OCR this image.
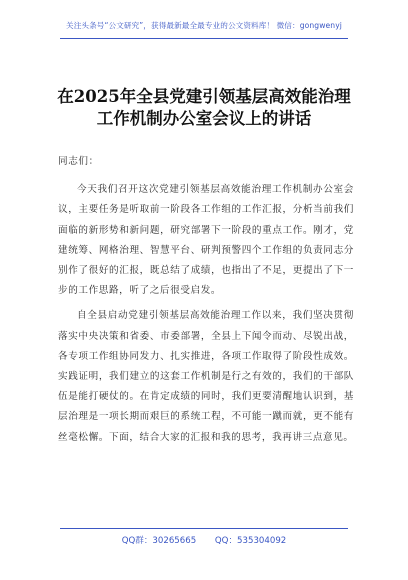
关注头条号“公文研究”，获得最新最全最专业的公文资料库！ 微信：gongwenyj
在2025年全县党建引领基层高效能治理
工作机制办公室会议上的讲话

同志们：

今天我们召开这次党建引领基层高效能治理工作机制办公室会议，主要任务是听取前一阶段各工作组的工作汇报，分析当前我们面临的新形势和新问题，研究部署下一阶段的重点工作。刚才，党建统筹、网格治理、智慧平台、研判预警四个工作组的负责同志分别作了很好的汇报，既总结了成绩，也指出了不足，更提出了下一步的工作思路，听了之后很受启发。

自全县启动党建引领基层高效能治理工作以来，我们坚决贯彻落实中央决策和省委、市委部署，全县上下闻令而动、尽锐出战，各专项工作组协同发力、扎实推进，各项工作取得了阶段性成效。实践证明，我们建立的这套工作机制是行之有效的，我们的干部队伍是能打硬仗的。在肯定成绩的同时，我们更要清醒地认识到，基层治理是一项长期而艰巨的系统工程，不可能一蹴而就，更不能有丝毫松懈。下面，结合大家的汇报和我的思考，我再讲三点意见。

QQ群：30265665 QQ：535304092
